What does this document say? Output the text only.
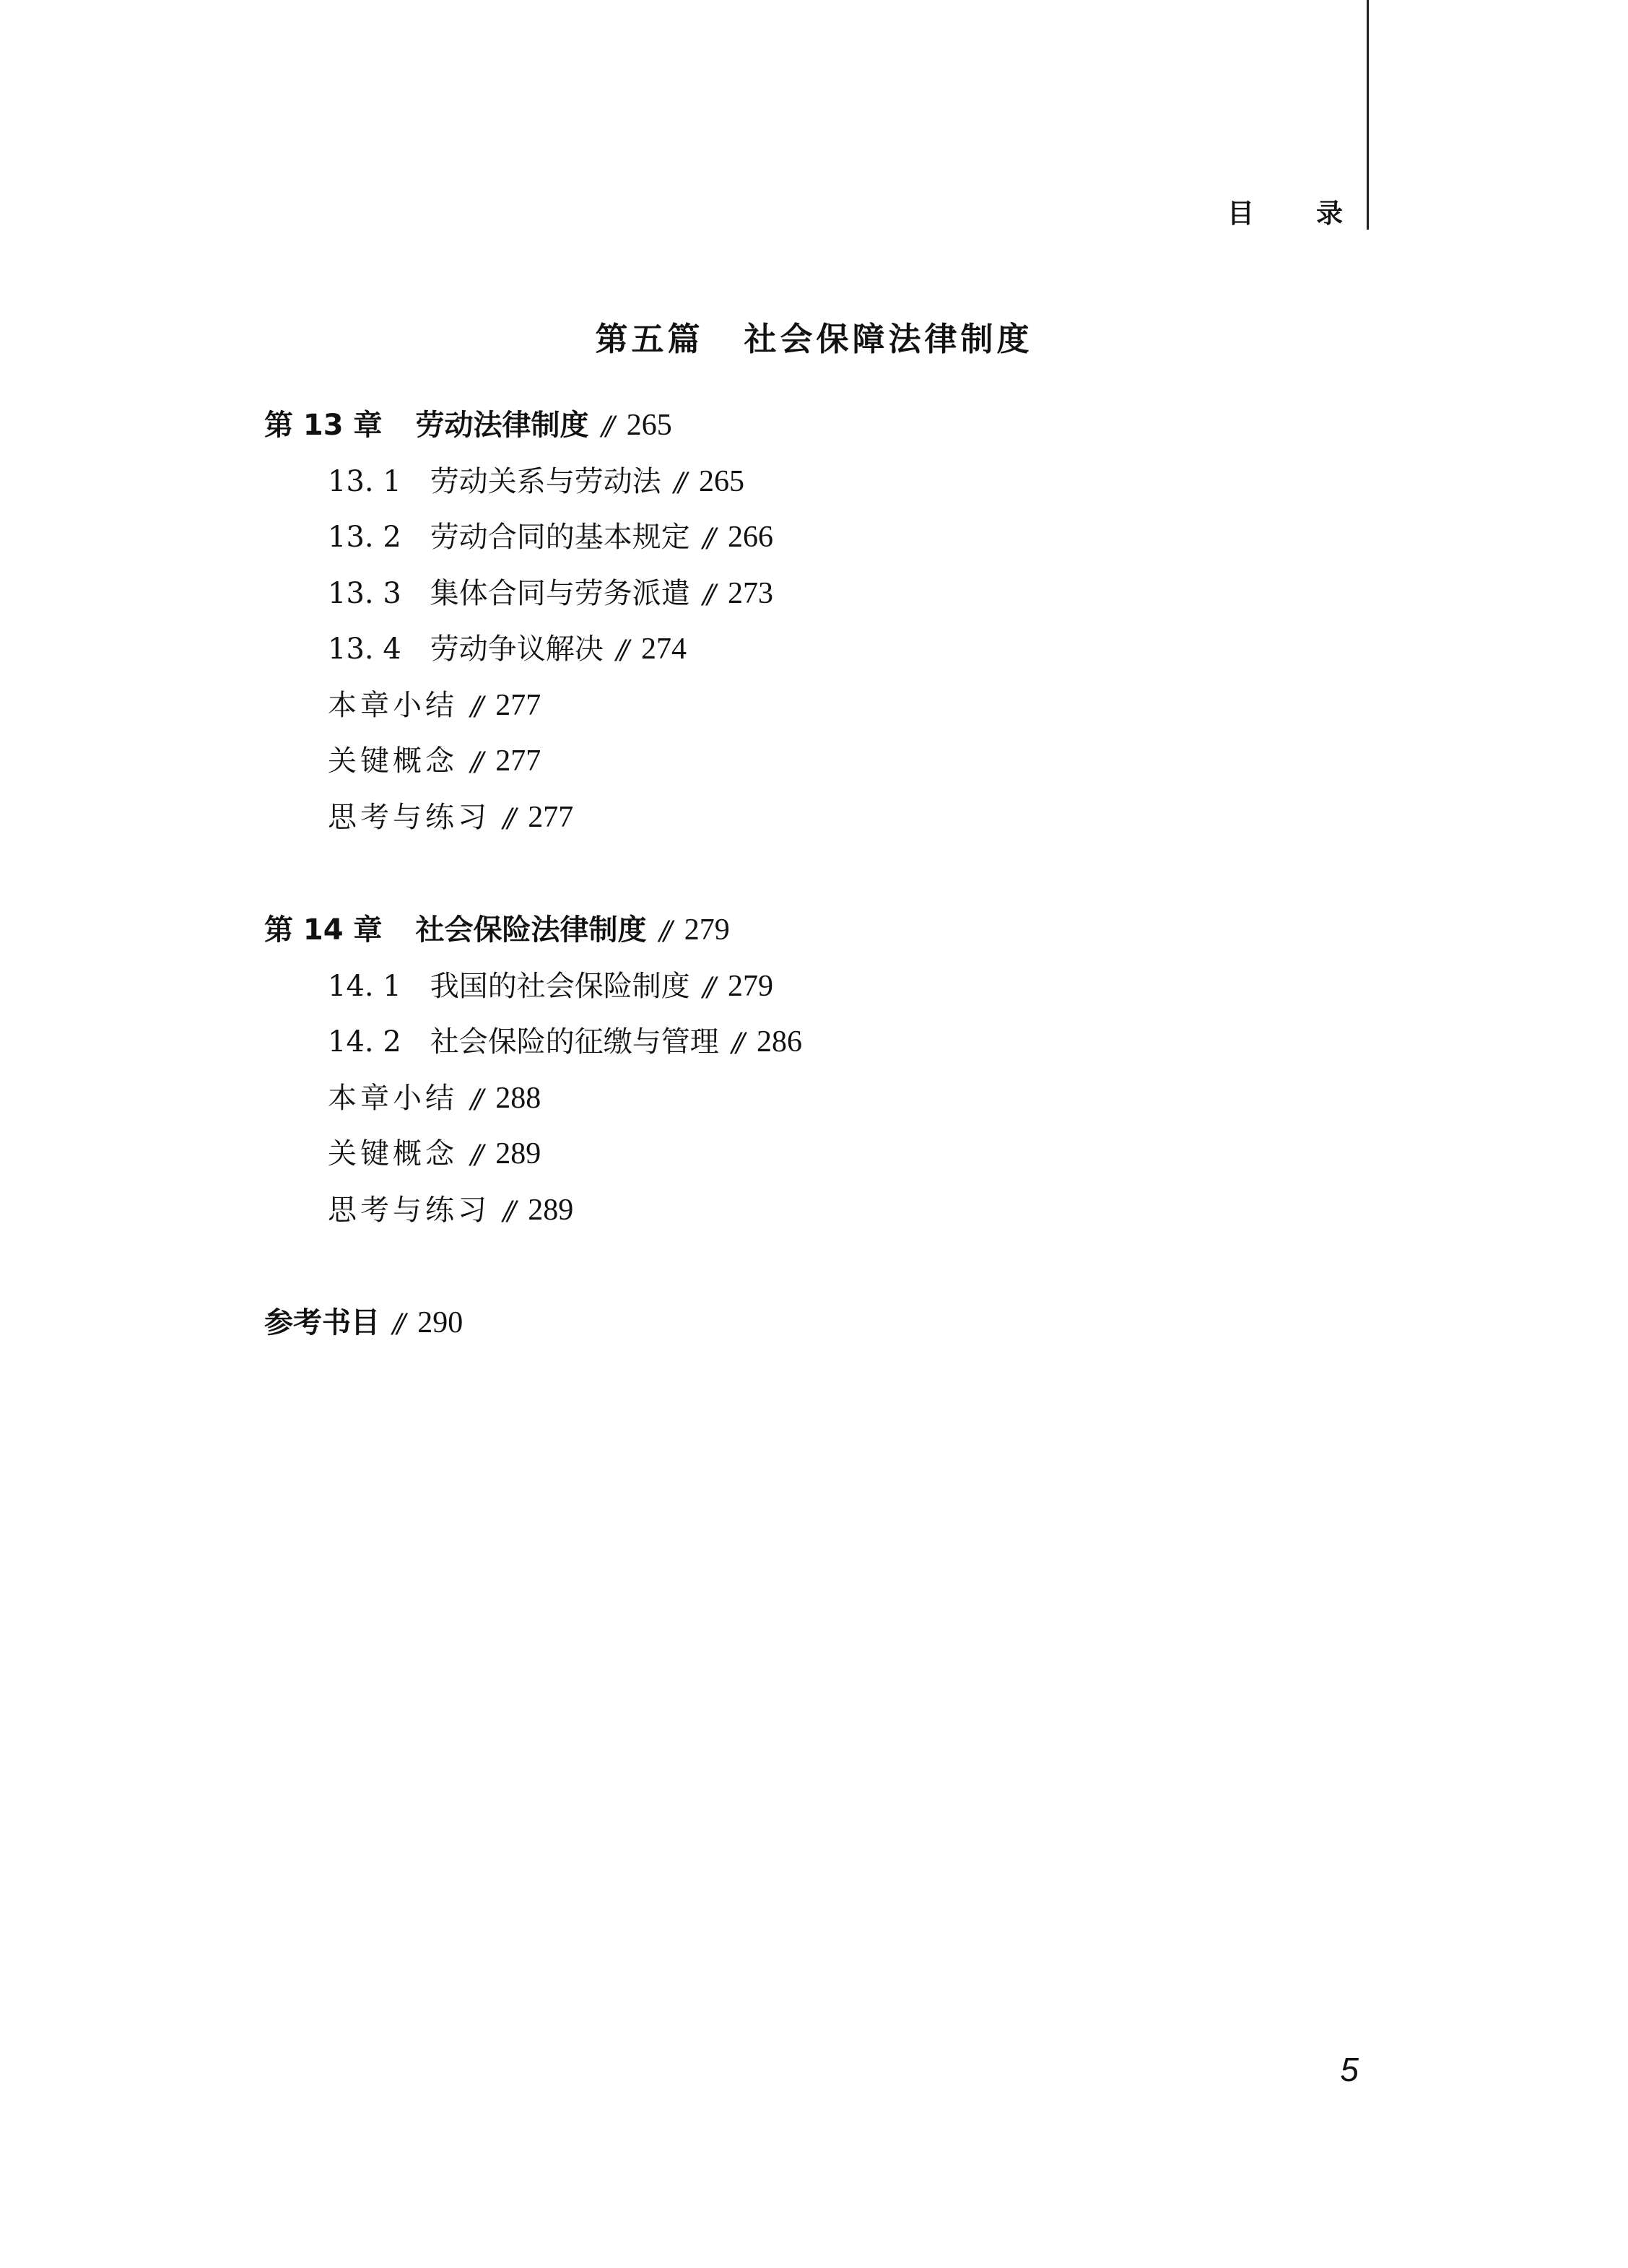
目 录
第五篇 社会保障法律制度
第 13 章 劳动法律制度 // 265
13. 1 劳动关系与劳动法 // 265
13. 2 劳动合同的基本规定 // 266
13. 3 集体合同与劳务派遣 // 273
13. 4 劳动争议解决 // 274
本章小结 // 277
关键概念 // 277
思考与练习 // 277
第 14 章 社会保险法律制度 // 279
14. 1 我国的社会保险制度 // 279
14. 2 社会保险的征缴与管理 // 286
本章小结 // 288
关键概念 // 289
思考与练习 // 289
参考书目 // 290
5
